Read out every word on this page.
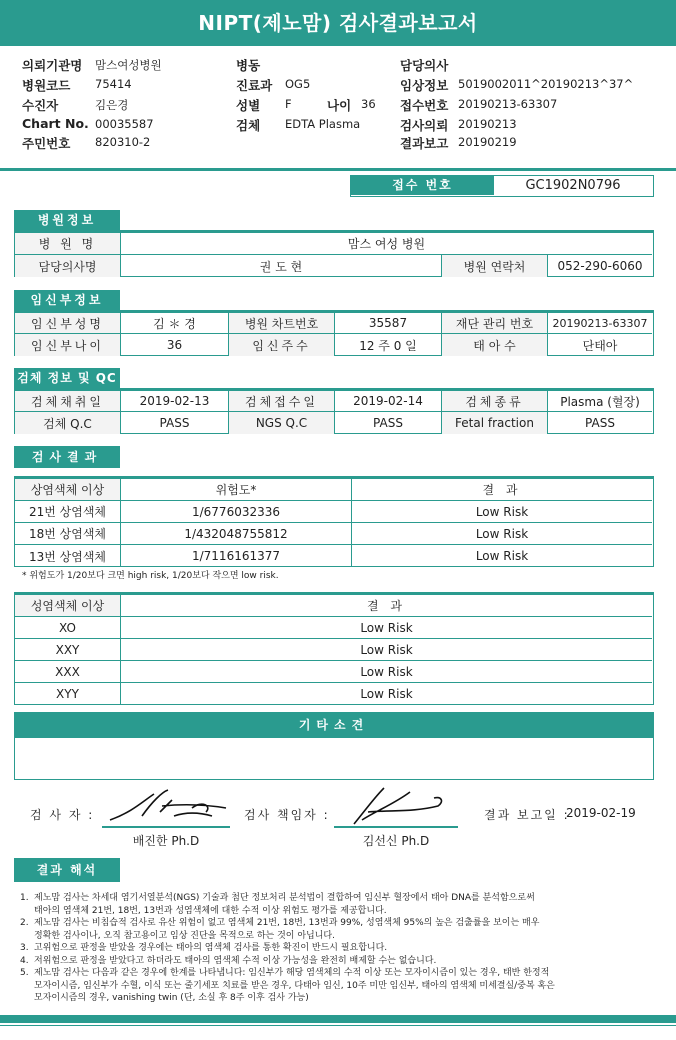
NIPT(제노맘) 검사결과보고서
의뢰기관명 맘스여성병원
병원코드 75414
수진자	김은경
Chart No. 00035587
주민번호 820310-2
병동
진료과 OG5
성별 F	나이 36
검체 EDTA Plasma
담당의사
임상정보 5019002011^20190213^37^
접수번호 20190213-63307
검사의뢰 20190213
결과보고 20190219
접수 번호	GC1902N0796
병원정보
병 원 명	맘스 여성 병원
담당의사명	권 도 현	병원 연락처	052-290-6060
임신부정보
임신부성명	김 ＊ 경	병원 차트번호	35587	재단 관리 번호	20190213-63307
임신부나이	36	임신주수	12 주 0 일	태 아 수	단태아
검체 정보 및 QC
검체채취일	2019-02-13	검체접수일	2019-02-14	검체종류	Plasma (혈장)
검체 Q.C	PASS	NGS Q.C	PASS	Fetal fraction	PASS
검사결과
상염색체 이상	위험도*	결 과
21번 상염색체	1/6776032336	Low Risk
18번 상염색체	1/432048755812	Low Risk
13번 상염색체	1/7116161377	Low Risk
* 위험도가 1/20보다 크면 high risk, 1/20보다 작으면 low risk.
성염색체 이상	결 과
XO	Low Risk
XXY	Low Risk
XXX	Low Risk
XYY	Low Risk
기타소견
검 사 자 :
배진한 Ph.D
검사 책임자 :
김선신 Ph.D
결과 보고일 :
2019-02-19
결과 해석
1. 제노맘 검사는 차세대 염기서열분석(NGS) 기술과 첨단 정보처리 분석법이 결합하여 임신부 혈장에서 태아 DNA를 분석함으로써
태아의 염색체 21번, 18번, 13번과 성염색체에 대한 수적 이상 위험도 평가를 제공합니다.
2. 제노맘 검사는 비침습적 검사로 유산 위험이 없고 염색체 21번, 18번, 13번과 99%, 성염색체 95%의 높은 검출률을 보이는 매우
정확한 검사이나, 오직 참고용이고 임상 진단을 목적으로 하는 것이 아닙니다.
3. 고위험으로 판정을 받았을 경우에는 태아의 염색체 검사를 통한 확진이 반드시 필요합니다.
4. 저위험으로 판정을 받았다고 하더라도 태아의 염색체 수적 이상 가능성을 완전히 배제할 수는 없습니다.
5. 제노맘 검사는 다음과 같은 경우에 한계를 나타냅니다: 임신부가 해당 염색체의 수적 이상 또는 모자이시즘이 있는 경우, 태반 한정적
모자이시즘, 임신부가 수혈, 이식 또는 줄기세포 치료를 받은 경우, 다태아 임신, 10주 미만 임신부, 태아의 염색체 미세결실/중복 혹은
모자이시즘의 경우, vanishing twin (단, 소실 후 8주 이후 검사 가능)
